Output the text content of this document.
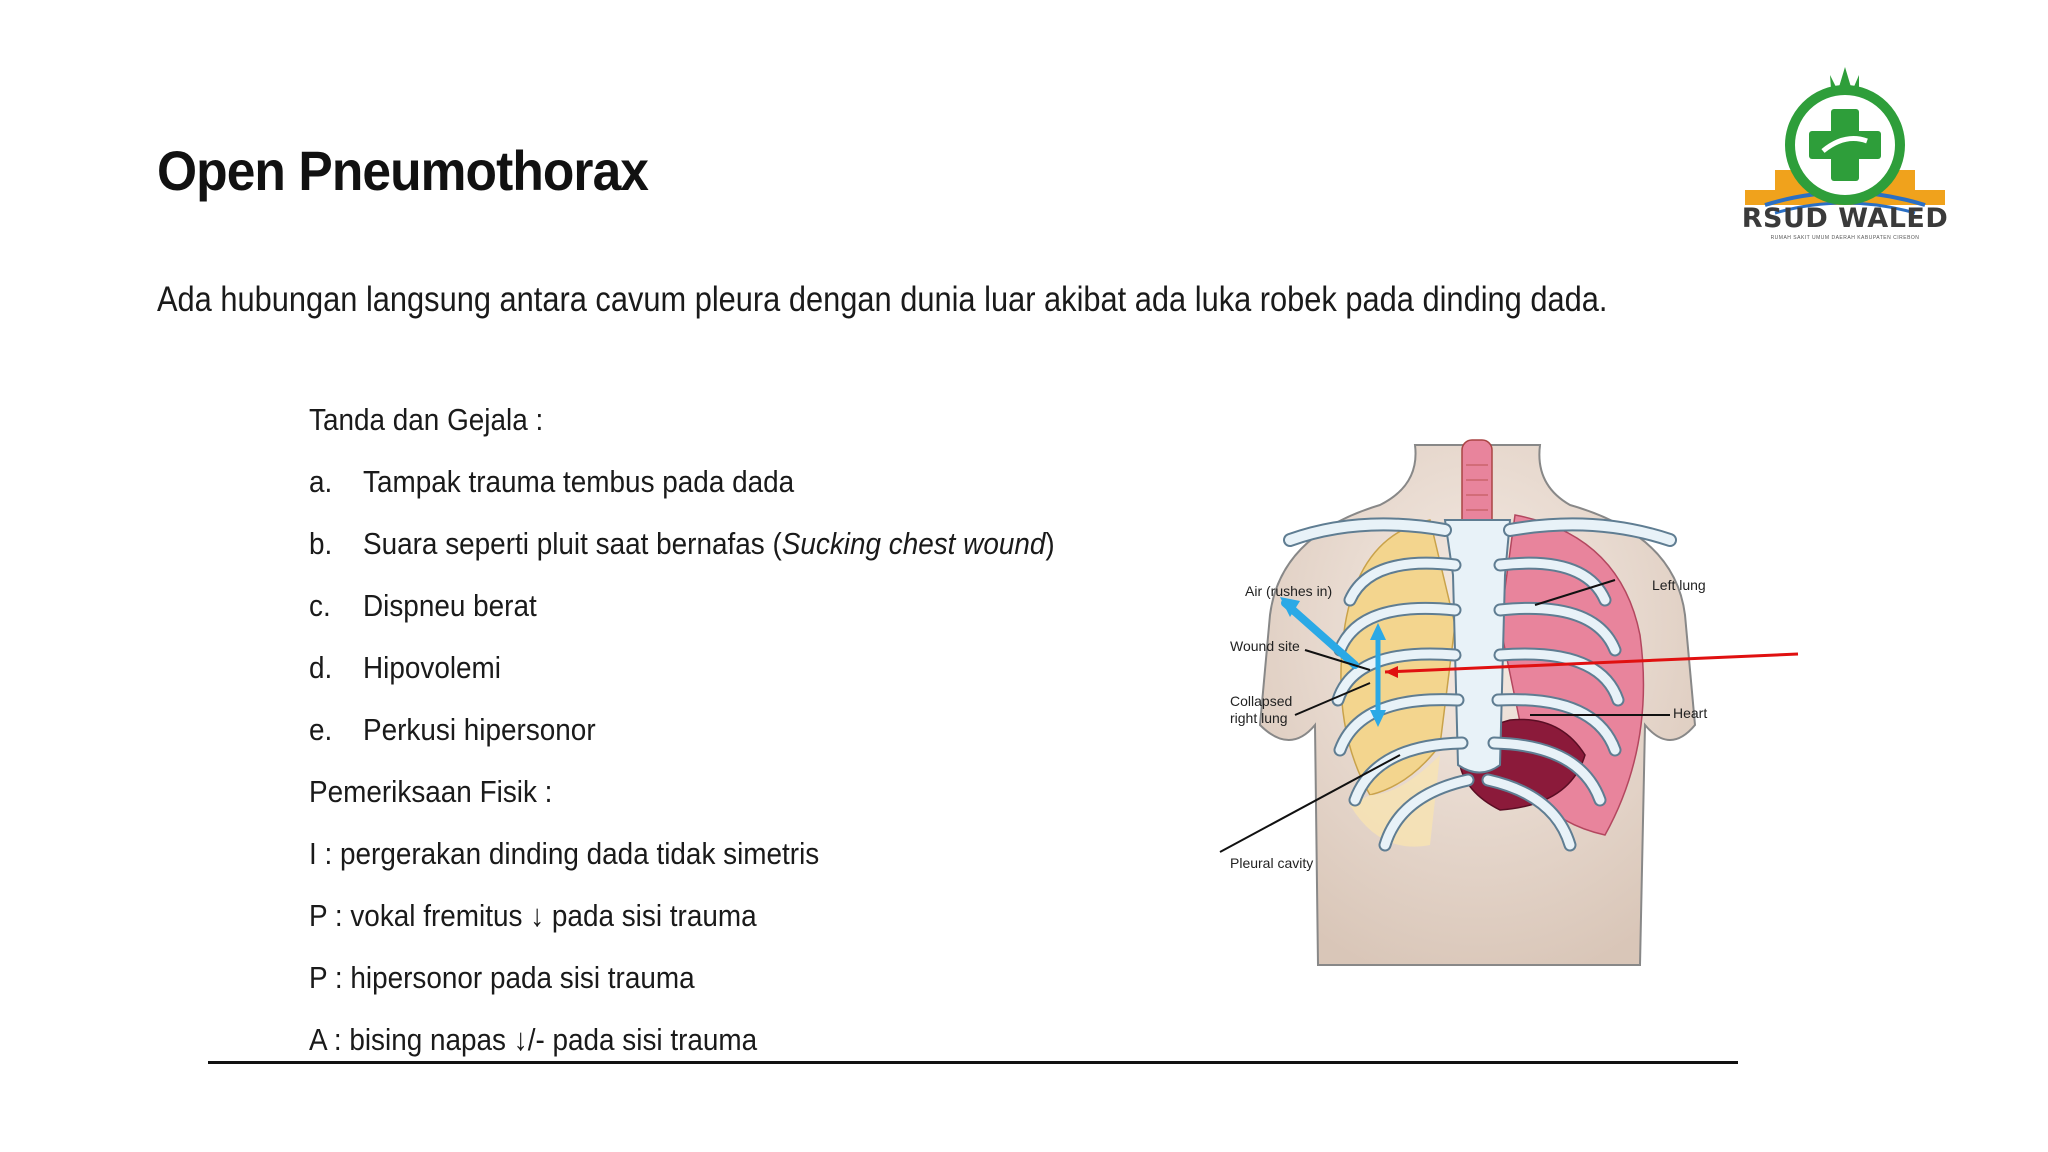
Open Pneumothorax

Ada hubungan langsung antara cavum pleura dengan dunia luar akibat ada luka robek pada dinding dada.

Tanda dan Gejala :
a. Tampak trauma tembus pada dada
b. Suara seperti pluit saat bernafas (Sucking chest wound)
c. Dispneu berat
d. Hipovolemi
e. Perkusi hipersonor
Pemeriksaan Fisik :
I : pergerakan dinding dada tidak simetris
P : vokal fremitus ↓ pada sisi trauma
P : hipersonor pada sisi trauma
A : bising napas ↓/- pada sisi trauma
RSUD WALED
RUMAH SAKIT UMUM DAERAH KABUPATEN CIREBON
Air (rushes in)
Wound site
Collapsed
right lung
Pleural cavity
Left lung
Heart
